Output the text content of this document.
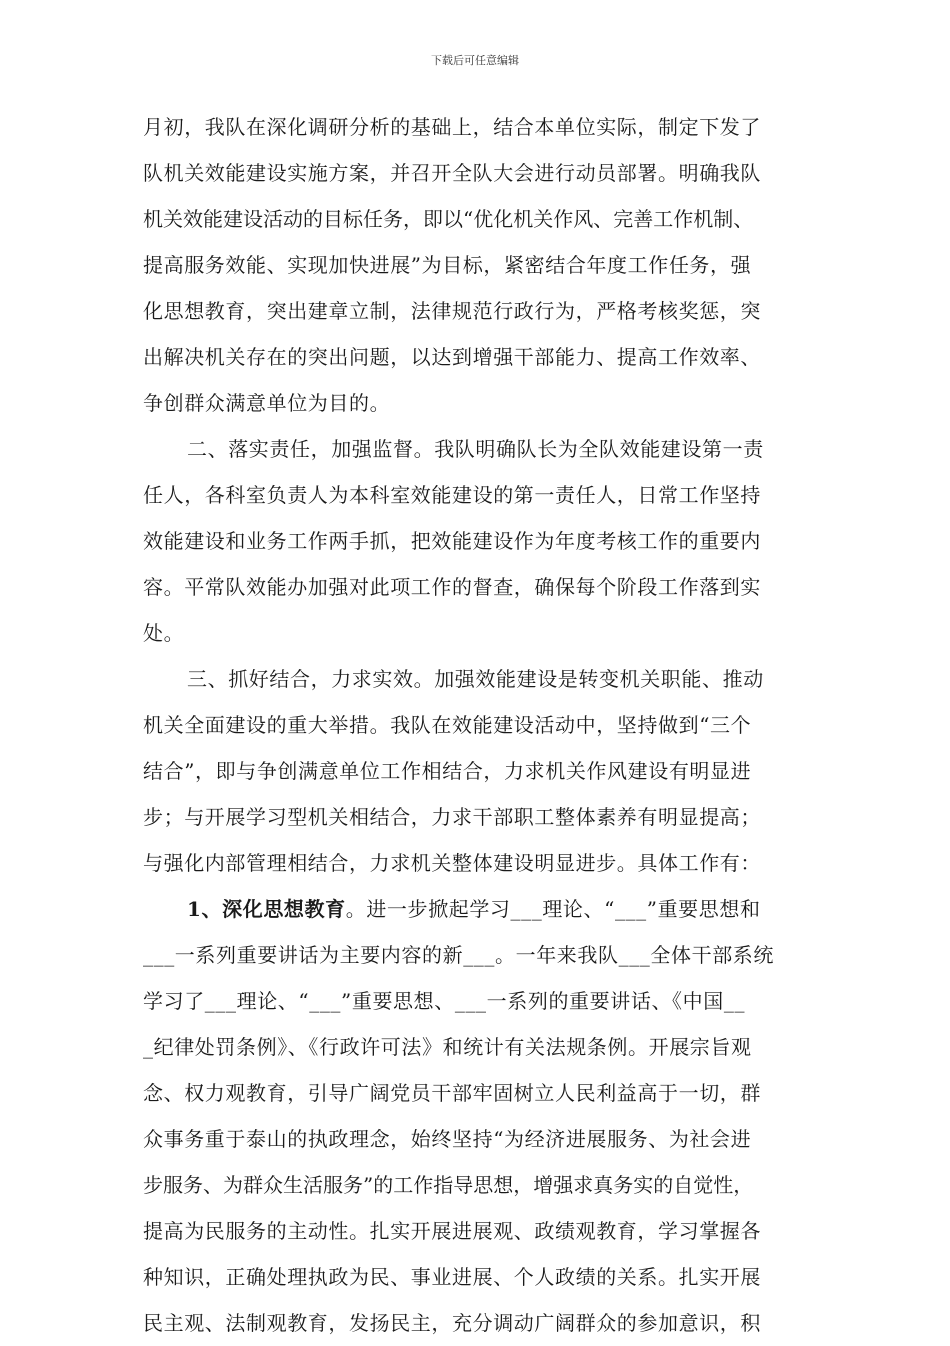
下载后可任意编辑
月初，我队在深化调研分析的基础上，结合本单位实际，制定下发了
队机关效能建设实施方案，并召开全队大会进行动员部署。明确我队
机关效能建设活动的目标任务，即以“优化机关作风、完善工作机制、
提高服务效能、实现加快进展”为目标，紧密结合年度工作任务，强
化思想教育，突出建章立制，法律规范行政行为，严格考核奖惩，突
出解决机关存在的突出问题，以达到增强干部能力、提高工作效率、
争创群众满意单位为目的。
二、落实责任，加强监督。我队明确队长为全队效能建设第一责
任人，各科室负责人为本科室效能建设的第一责任人，日常工作坚持
效能建设和业务工作两手抓，把效能建设作为年度考核工作的重要内
容。平常队效能办加强对此项工作的督查，确保每个阶段工作落到实
处。
三、抓好结合，力求实效。加强效能建设是转变机关职能、推动
机关全面建设的重大举措。我队在效能建设活动中，坚持做到“三个
结合”，即与争创满意单位工作相结合，力求机关作风建设有明显进
步；与开展学习型机关相结合，力求干部职工整体素养有明显提高；
与强化内部管理相结合，力求机关整体建设明显进步。具体工作有：
1、深化思想教育。进一步掀起学习___理论、“___”重要思想和
___一系列重要讲话为主要内容的新___。一年来我队___全体干部系统
学习了___理论、“___”重要思想、___一系列的重要讲话、《中国__
_纪律处罚条例》、《行政许可法》和统计有关法规条例。开展宗旨观
念、权力观教育，引导广阔党员干部牢固树立人民利益高于一切，群
众事务重于泰山的执政理念，始终坚持“为经济进展服务、为社会进
步服务、为群众生活服务”的工作指导思想，增强求真务实的自觉性，
提高为民服务的主动性。扎实开展进展观、政绩观教育，学习掌握各
种知识，正确处理执政为民、事业进展、个人政绩的关系。扎实开展
民主观、法制观教育，发扬民主，充分调动广阔群众的参加意识，积
